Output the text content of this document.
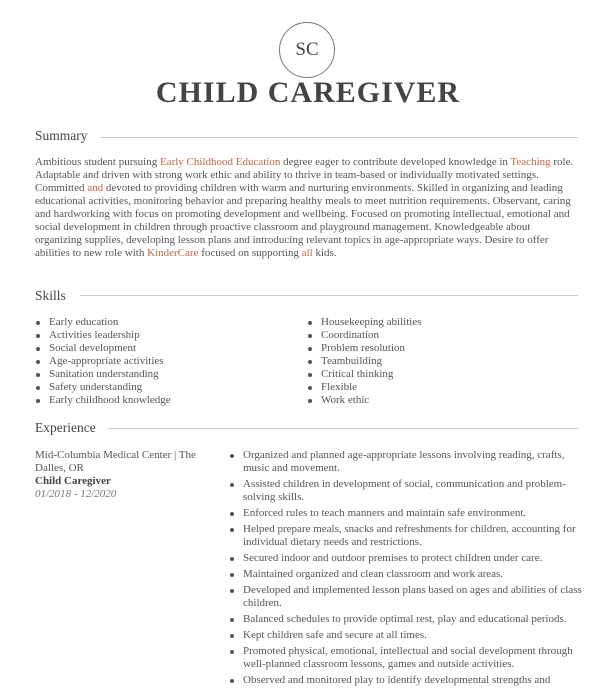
SC
CHILD CAREGIVER
Summary
Ambitious student pursuing Early Childhood Education degree eager to contribute developed knowledge in Teaching role. Adaptable and driven with strong work ethic and ability to thrive in team-based or individually motivated settings. Committed and devoted to providing children with warm and nurturing environments. Skilled in organizing and leading educational activities, monitoring behavior and preparing healthy meals to meet nutrition requirements. Observant, caring and hardworking with focus on promoting development and wellbeing. Focused on promoting intellectual, emotional and social development in children through proactive classroom and playground management. Knowledgeable about organizing supplies, developing lesson plans and introducing relevant topics in age-appropriate ways. Desire to offer abilities to new role with KinderCare focused on supporting all kids.
Skills
Early education
Activities leadership
Social development
Age-appropriate activities
Sanitation understanding
Safety understanding
Early childhood knowledge
Housekeeping abilities
Coordination
Problem resolution
Teambuilding
Critical thinking
Flexible
Work ethic
Experience
Mid-Columbia Medical Center | The Dalles, OR
Child Caregiver
01/2018 - 12/2020
Organized and planned age-appropriate lessons involving reading, crafts, music and movement.
Assisted children in development of social, communication and problem-solving skills.
Enforced rules to teach manners and maintain safe environment.
Helped prepare meals, snacks and refreshments for children, accounting for individual dietary needs and restrictions.
Secured indoor and outdoor premises to protect children under care.
Maintained organized and clean classroom and work areas.
Developed and implemented lesson plans based on ages and abilities of class children.
Balanced schedules to provide optimal rest, play and educational periods.
Kept children safe and secure at all times.
Promoted physical, emotional, intellectual and social development through well-planned classroom lessons, games and outside activities.
Observed and monitored play to identify developmental strengths and
